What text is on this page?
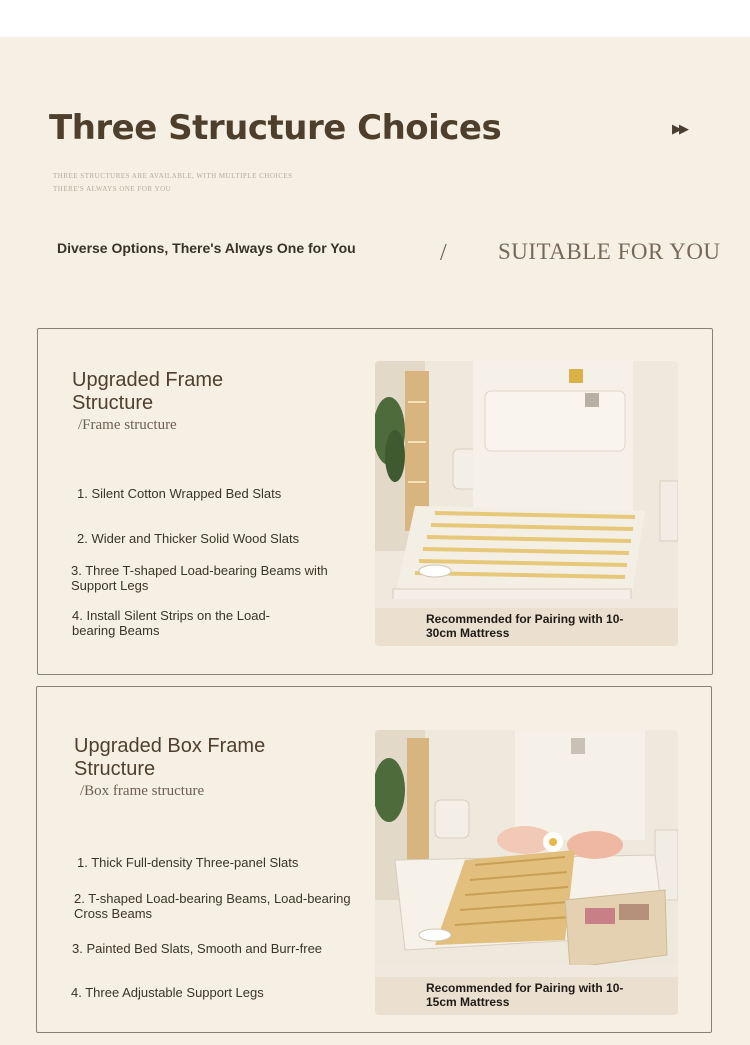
Three Structure Choices	▶▶
THREE STRUCTURES ARE AVAILABLE, WITH MULTIPLE CHOICES
THERE'S ALWAYS ONE FOR YOU
Diverse Options, There's Always One for You	/ SUITABLE FOR YOU
Upgraded Frame Structure
/Frame structure
1. Silent Cotton Wrapped Bed Slats
2. Wider and Thicker Solid Wood Slats
3. Three T-shaped Load-bearing Beams with Support Legs
4. Install Silent Strips on the Load-bearing Beams
Recommended for Pairing with 10-30cm Mattress
Upgraded Box Frame Structure
/Box frame structure
1. Thick Full-density Three-panel Slats
2. T-shaped Load-bearing Beams, Load-bearing Cross Beams
3. Painted Bed Slats, Smooth and Burr-free
4. Three Adjustable Support Legs	Recommended for Pairing with 10-15cm Mattress
